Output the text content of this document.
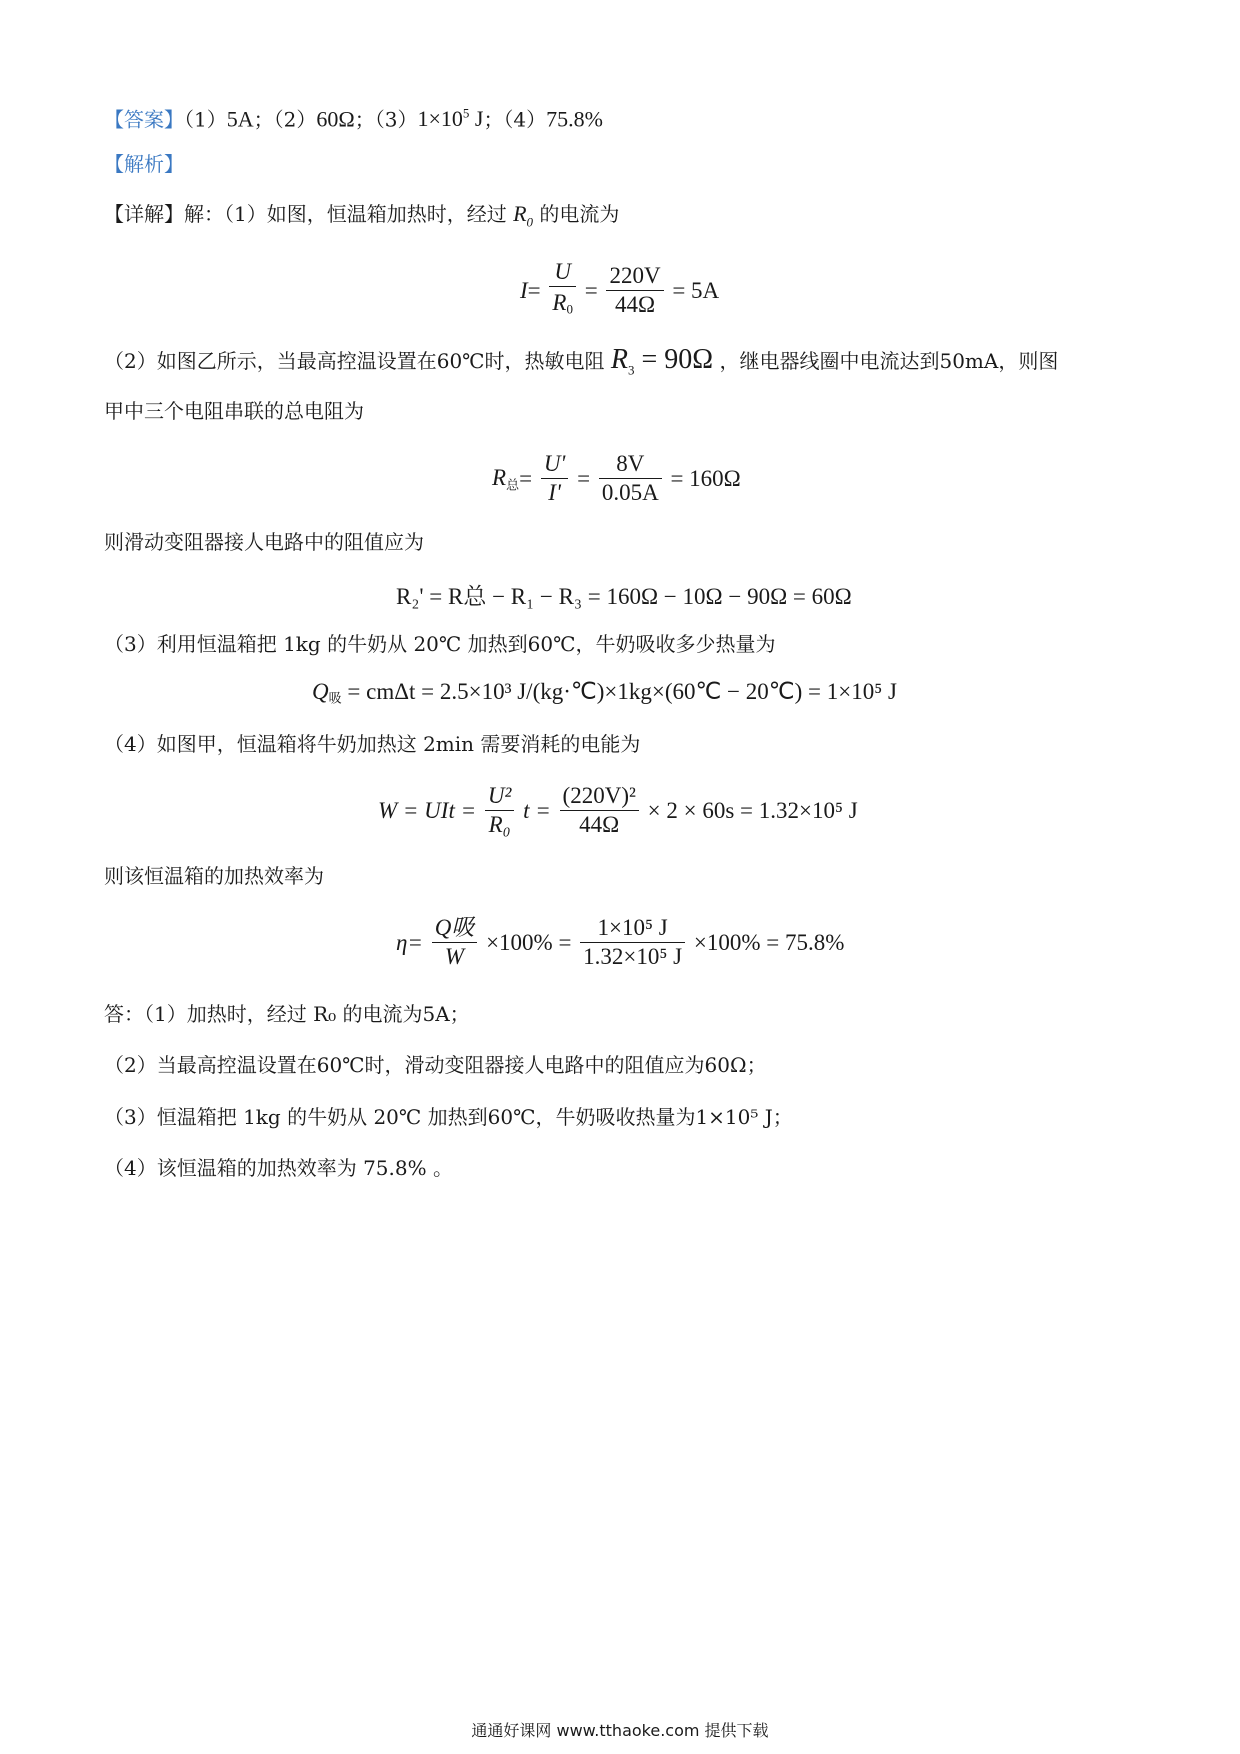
【答案】（1）5A；（2）60Ω；$(3)1\times 10^5$ J；（4）75.8%
【解析】
【详解】解：（1）如图，恒温箱加热时，经过 $R_0$ 的电流为
$I= \frac{U}{R_0} = \frac{220V}{44\Omega} = 5A$
（2）如图乙所示，当最高控温设置在60℃时，热敏电阻 $R_3 = 90\Omega$ ，继电器线圈中电流达到50mA，则图
甲中三个电阻串联的总电阻为
$R_总= \frac{U'}{I'} = \frac{8V}{0.05A} = 160\Omega$
则滑动变阻器接人电路中的阻值应为
R₂' = R总 − R₁ − R₃ = 160Ω − 10Ω − 90Ω = 60Ω
（3）利用恒温箱把 1kg 的牛奶从 20℃ 加热到60℃，牛奶吸收多少热量为
$Q_吸 = cm\Delta t = 2.5\times 10^3$ J/(kg·℃)×1kg×(60℃ − 20℃) = 1×10⁵ J
（4）如图甲，恒温箱将牛奶加热这 2min 需要消耗的电能为
W = UIt = $\frac{\text{U²}}{\text{R₀}}$ $t = \frac{\text{(220V)²}}{44\Omega} \times 2 \times 60s = 1.32\times 10^5$ J
则该恒温箱的加热效率为
$\eta= \frac{\text{Q吸}}{W} \times 100\% = \frac{\text{1×10⁵ J}}{\text{1.32×10⁵ J}} \times 100\% = 75.8\%$
答：（1）加热时，经过 R₀ 的电流为5A；
（2）当最高控温设置在60℃时，滑动变阻器接人电路中的阻值应为60Ω；
（3）恒温箱把 1kg 的牛奶从 20℃ 加热到60℃，牛奶吸收热量为1×10⁵ J；
（4）该恒温箱的加热效率为 75.8% 。
通通好课网 www.tthaoke.com 提供下载
